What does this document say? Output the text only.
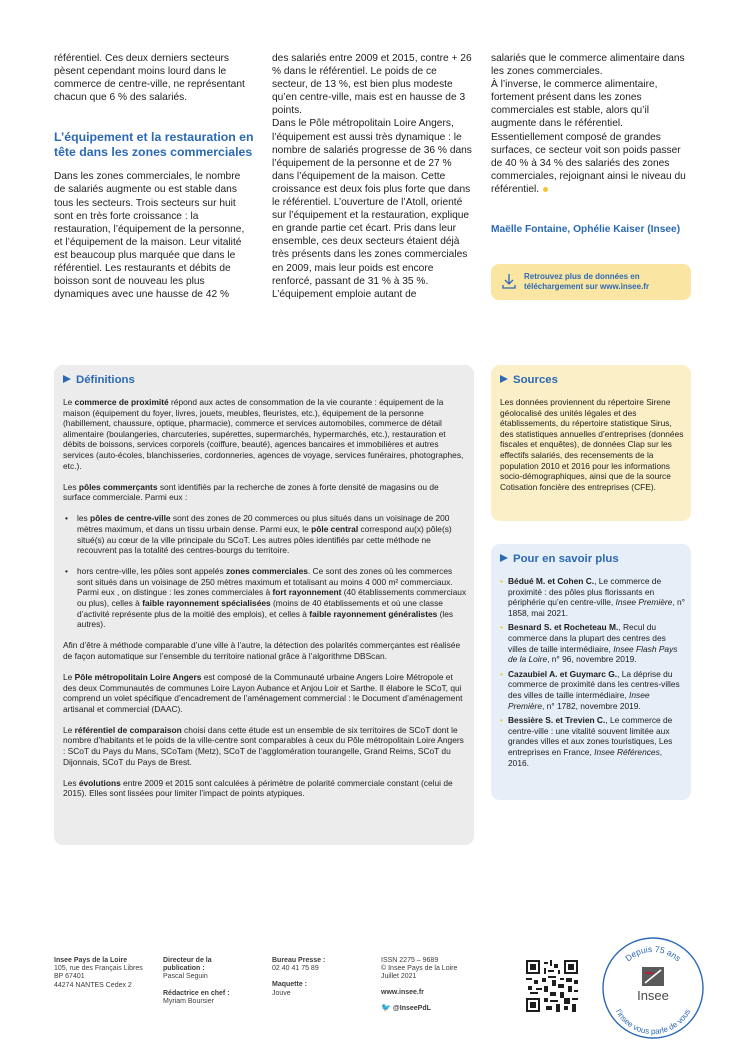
référentiel. Ces deux derniers secteurs pèsent cependant moins lourd dans le commerce de centre-ville, ne représentant chacun que 6 % des salariés.

L’équipement et la restauration en tête dans les zones commerciales

Dans les zones commerciales, le nombre de salariés augmente ou est stable dans tous les secteurs. Trois secteurs sur huit sont en très forte croissance : la restauration, l’équipement de la personne, et l’équipement de la maison. Leur vitalité est beaucoup plus marquée que dans le référentiel. Les restaurants et débits de boisson sont de nouveau les plus dynamiques avec une hausse de 42 %

des salariés entre 2009 et 2015, contre + 26 % dans le référentiel. Le poids de ce secteur, de 13 %, est bien plus modeste qu’en centre-ville, mais est en hausse de 3 points.

Dans le Pôle métropolitain Loire Angers, l’équipement est aussi très dynamique : le nombre de salariés progresse de 36 % dans l’équipement de la personne et de 27 % dans l’équipement de la maison. Cette croissance est deux fois plus forte que dans le référentiel. L’ouverture de l’Atoll, orienté sur l’équipement et la restauration, explique en grande partie cet écart. Pris dans leur ensemble, ces deux secteurs étaient déjà très présents dans les zones commerciales en 2009, mais leur poids est encore renforcé, passant de 31 % à 35 %. L’équipement emploie autant de

salariés que le commerce alimentaire dans les zones commerciales.

À l’inverse, le commerce alimentaire, fortement présent dans les zones commerciales est stable, alors qu’il augmente dans le référentiel.

Essentiellement composé de grandes surfaces, ce secteur voit son poids passer de 40 % à 34 % des salariés des zones commerciales, rejoignant ainsi le niveau du référentiel.

Maëlle Fontaine, Ophélie Kaiser (Insee)
Retrouvez plus de données en
téléchargement sur www.insee.fr
Définitions

Le commerce de proximité répond aux actes de consommation de la vie courante : équipement de la maison (équipement du foyer, livres, jouets, meubles, fleuristes, etc.), équipement de la personne (habillement, chaussure, optique, pharmacie), commerce et services automobiles, commerce de détail alimentaire (boulangeries, charcuteries, supérettes, supermarchés, hypermarchés, etc.), restauration et débits de boissons, services corporels (coiffure, beauté), agences bancaires et immobilières et autres services (auto-écoles, blanchisseries, cordonneries, agences de voyage, services funéraires, photographes, etc.).

Les pôles commerçants sont identifiés par la recherche de zones à forte densité de magasins ou de surface commerciale. Parmi eux :

• les pôles de centre-ville sont des zones de 20 commerces ou plus situés dans un voisinage de 200 mètres maximum, et dans un tissu urbain dense. Parmi eux, le pôle central correspond au(x) pôle(s) situé(s) au cœur de la ville principale du SCoT. Les autres pôles identifiés par cette méthode ne recouvrent pas la totalité des centres-bourgs du territoire.
• hors centre-ville, les pôles sont appelés zones commerciales. Ce sont des zones où les commerces sont situés dans un voisinage de 250 mètres maximum et totalisant au moins 4 000 m² commerciaux. Parmi eux , on distingue : les zones commerciales à fort rayonnement (40 établissements commerciaux ou plus), celles à faible rayonnement spécialisées (moins de 40 établissements et où une classe d’activité représente plus de la moitié des emplois), et celles à faible rayonnement généralistes (les autres).

Afin d’être à méthode comparable d’une ville à l’autre, la détection des polarités commerçantes est réalisée de façon automatique sur l’ensemble du territoire national grâce à l’algorithme DBScan.

Le Pôle métropolitain Loire Angers est composé de la Communauté urbaine Angers Loire Métropole et des deux Communautés de communes Loire Layon Aubance et Anjou Loir et Sarthe. Il élabore le SCoT, qui comprend un volet spécifique d’encadrement de l’aménagement commercial : le Document d’aménagement artisanal et commercial (DAAC).

Le référentiel de comparaison choisi dans cette étude est un ensemble de six territoires de SCoT dont le nombre d’habitants et le poids de la ville-centre sont comparables à ceux du Pôle métropolitain Loire Angers : SCoT du Pays du Mans, SCoTam (Metz), SCoT de l’agglomération tourangelle, Grand Reims, SCoT du Dijonnais, SCoT du Pays de Brest.

Les évolutions entre 2009 et 2015 sont calculées à périmètre de polarité commerciale constant (celui de 2015). Elles sont lissées pour limiter l’impact de points atypiques.

Sources

Les données proviennent du répertoire Sirene géolocalisé des unités légales et des établissements, du répertoire statistique Sirus, des statistiques annuelles d’entreprises (données fiscales et enquêtes), de données Clap sur les effectifs salariés, des recensements de la population 2010 et 2016 pour les informations socio-démographiques, ainsi que de la source Cotisation foncière des entreprises (CFE).

Pour en savoir plus
• Bédué M. et Cohen C., Le commerce de proximité : des pôles plus florissants en périphérie qu’en centre-ville, Insee Première, n° 1858, mai 2021.
• Besnard S. et Rocheteau M., Recul du commerce dans la plupart des centres des villes de taille intermédiaire, Insee Flash Pays de la Loire, n° 96, novembre 2019.
• Cazaubiel A. et Guymarc G., La déprise du commerce de proximité dans les centres-villes des villes de taille intermédiaire, Insee Première, n° 1782, novembre 2019.
• Bessière S. et Trevien C., Le commerce de centre-ville : une vitalité souvent limitée aux grandes villes et aux zones touristiques, Les entreprises en France, Insee Références, 2016.
Insee Pays de la Loire
105, rue des Français Libres
BP 67401
44274 NANTES Cedex 2
Directeur de la
publication :
Pascal Seguin

Rédactrice en chef :
Myriam Boursier
Bureau Presse :
02 40 41 75 89

Maquette :
Jouve
ISSN 2275 – 9689
© Insee Pays de la Loire
Juillet 2021

www.insee.fr

🐦 @InseePdL
Depuis 75 ans
Insee
l’insee vous parle de vous
